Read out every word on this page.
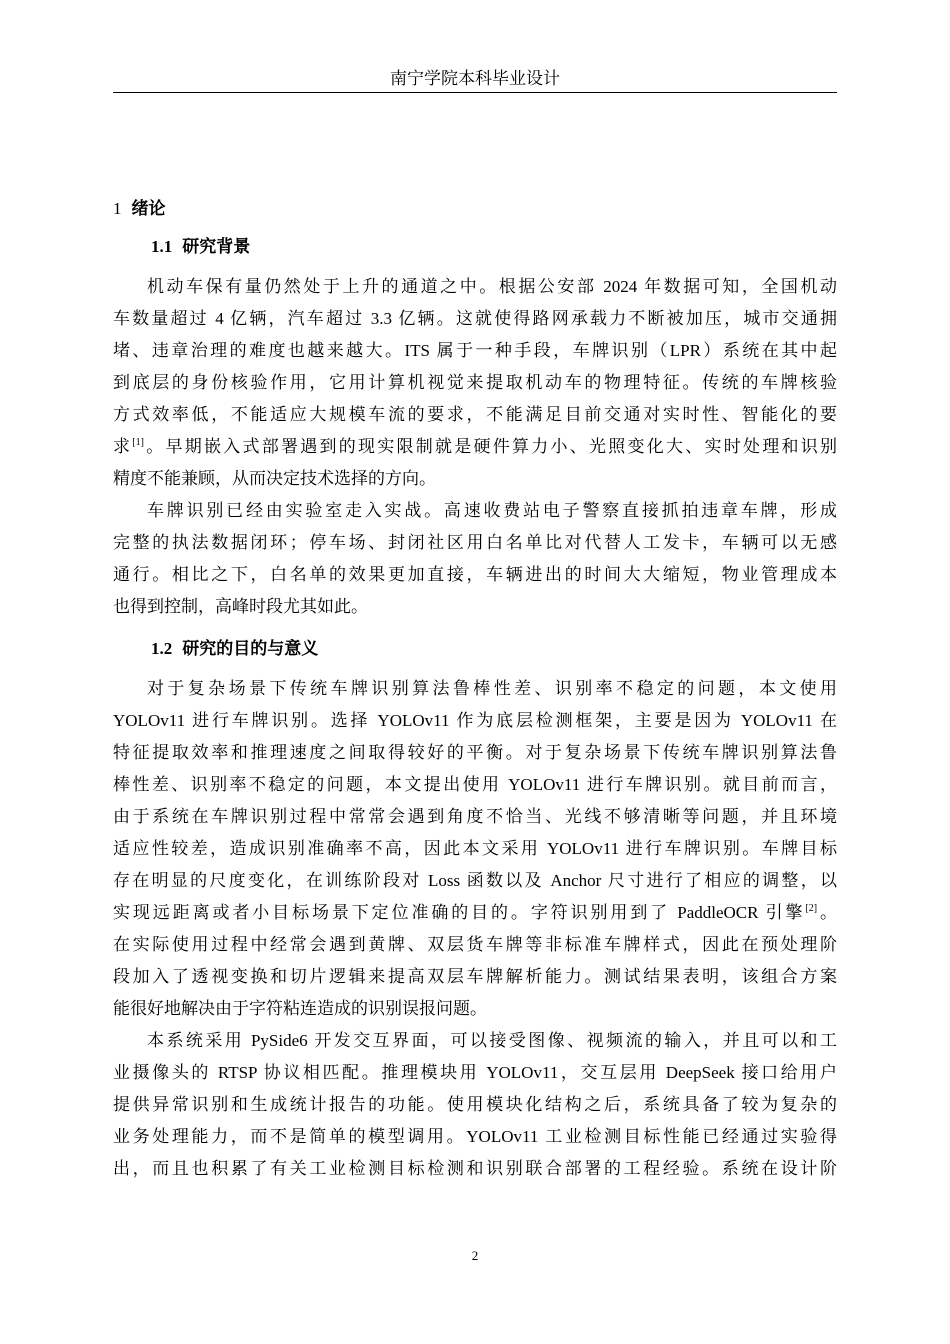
南宁学院本科毕业设计
1 绪论
1.1 研究背景
机动车保有量仍然处于上升的通道之中。根据公安部 2024 年数据可知，全国机动
车数量超过 4 亿辆，汽车超过 3.3 亿辆。这就使得路网承载力不断被加压，城市交通拥
堵、违章治理的难度也越来越大。ITS 属于一种手段，车牌识别（LPR）系统在其中起
到底层的身份核验作用，它用计算机视觉来提取机动车的物理特征。传统的车牌核验
方式效率低，不能适应大规模车流的要求，不能满足目前交通对实时性、智能化的要
求[1]。早期嵌入式部署遇到的现实限制就是硬件算力小、光照变化大、实时处理和识别
精度不能兼顾，从而决定技术选择的方向。
车牌识别已经由实验室走入实战。高速收费站电子警察直接抓拍违章车牌，形成
完整的执法数据闭环；停车场、封闭社区用白名单比对代替人工发卡，车辆可以无感
通行。相比之下，白名单的效果更加直接，车辆进出的时间大大缩短，物业管理成本
也得到控制，高峰时段尤其如此。
1.2 研究的目的与意义
对于复杂场景下传统车牌识别算法鲁棒性差、识别率不稳定的问题，本文使用
YOLOv11 进行车牌识别。选择 YOLOv11 作为底层检测框架，主要是因为 YOLOv11 在
特征提取效率和推理速度之间取得较好的平衡。对于复杂场景下传统车牌识别算法鲁
棒性差、识别率不稳定的问题，本文提出使用 YOLOv11 进行车牌识别。就目前而言，
由于系统在车牌识别过程中常常会遇到角度不恰当、光线不够清晰等问题，并且环境
适应性较差，造成识别准确率不高，因此本文采用 YOLOv11 进行车牌识别。车牌目标
存在明显的尺度变化，在训练阶段对 Loss 函数以及 Anchor 尺寸进行了相应的调整，以
实现远距离或者小目标场景下定位准确的目的。字符识别用到了 PaddleOCR 引擎[2]。
在实际使用过程中经常会遇到黄牌、双层货车牌等非标准车牌样式，因此在预处理阶
段加入了透视变换和切片逻辑来提高双层车牌解析能力。测试结果表明，该组合方案
能很好地解决由于字符粘连造成的识别误报问题。
本系统采用 PySide6 开发交互界面，可以接受图像、视频流的输入，并且可以和工
业摄像头的 RTSP 协议相匹配。推理模块用 YOLOv11，交互层用 DeepSeek 接口给用户
提供异常识别和生成统计报告的功能。使用模块化结构之后，系统具备了较为复杂的
业务处理能力，而不是简单的模型调用。YOLOv11 工业检测目标性能已经通过实验得
出，而且也积累了有关工业检测目标检测和识别联合部署的工程经验。系统在设计阶
2
